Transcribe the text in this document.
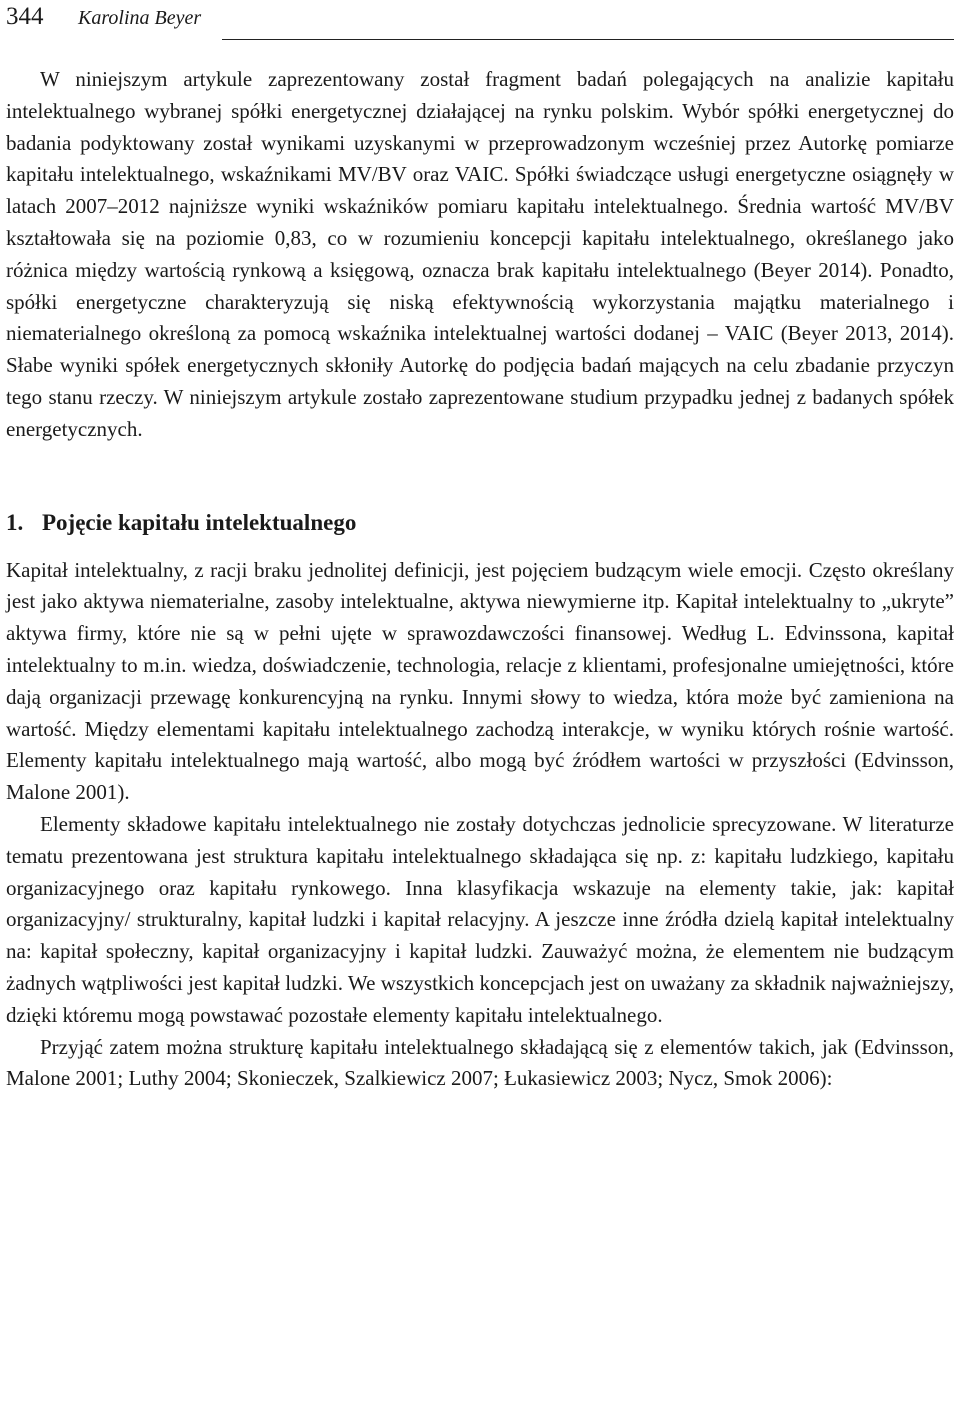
344 Karolina Beyer

W niniejszym artykule zaprezentowany został fragment badań polegających na analizie kapitału intelektualnego wybranej spółki energetycznej działającej na rynku polskim. Wybór spółki energetycznej do badania podyktowany został wynikami uzyskanymi w przeprowadzonym wcześniej przez Autorkę pomiarze kapitału intelektualnego, wskaźnikami MV/BV oraz VAIC. Spółki świadczące usługi energetyczne osiągnęły w latach 2007–2012 najniższe wyniki wskaźników pomiaru kapitału intelektualnego. Średnia wartość MV/BV kształtowała się na poziomie 0,83, co w rozumieniu koncepcji kapitału intelektualnego, określanego jako różnica między wartością rynkową a księgową, oznacza brak kapitału intelektualnego (Beyer 2014). Ponadto, spółki energetyczne charakteryzują się niską efektywnością wykorzystania majątku materialnego i niematerialnego określoną za pomocą wskaźnika intelektualnej wartości dodanej – VAIC (Beyer 2013, 2014). Słabe wyniki spółek energetycznych skłoniły Autorkę do podjęcia badań mających na celu zbadanie przyczyn tego stanu rzeczy. W niniejszym artykule zostało zaprezentowane studium przypadku jednej z badanych spółek energetycznych.

1. Pojęcie kapitału intelektualnego

Kapitał intelektualny, z racji braku jednolitej definicji, jest pojęciem budzącym wiele emocji. Często określany jest jako aktywa niematerialne, zasoby intelektualne, aktywa niewymierne itp. Kapitał intelektualny to „ukryte” aktywa firmy, które nie są w pełni ujęte w sprawozdawczości finansowej. Według L. Edvinssona, kapitał intelektualny to m.in. wiedza, doświadczenie, technologia, relacje z klientami, profesjonalne umiejętności, które dają organizacji przewagę konkurencyjną na rynku. Innymi słowy to wiedza, która może być zamieniona na wartość. Między elementami kapitału intelektualnego zachodzą interakcje, w wyniku których rośnie wartość. Elementy kapitału intelektualnego mają wartość, albo mogą być źródłem wartości w przyszłości (Edvinsson, Malone 2001).

Elementy składowe kapitału intelektualnego nie zostały dotychczas jednolicie sprecyzowane. W literaturze tematu prezentowana jest struktura kapitału intelektualnego składająca się np. z: kapitału ludzkiego, kapitału organizacyjnego oraz kapitału rynkowego. Inna klasyfikacja wskazuje na elementy takie, jak: kapitał organizacyjny/ strukturalny, kapitał ludzki i kapitał relacyjny. A jeszcze inne źródła dzielą kapitał intelektualny na: kapitał społeczny, kapitał organizacyjny i kapitał ludzki. Zauważyć można, że elementem nie budzącym żadnych wątpliwości jest kapitał ludzki. We wszystkich koncepcjach jest on uważany za składnik najważniejszy, dzięki któremu mogą powstawać pozostałe elementy kapitału intelektualnego.

Przyjąć zatem można strukturę kapitału intelektualnego składającą się z elementów takich, jak (Edvinsson, Malone 2001; Luthy 2004; Skonieczek, Szalkiewicz 2007; Łukasiewicz 2003; Nycz, Smok 2006):
